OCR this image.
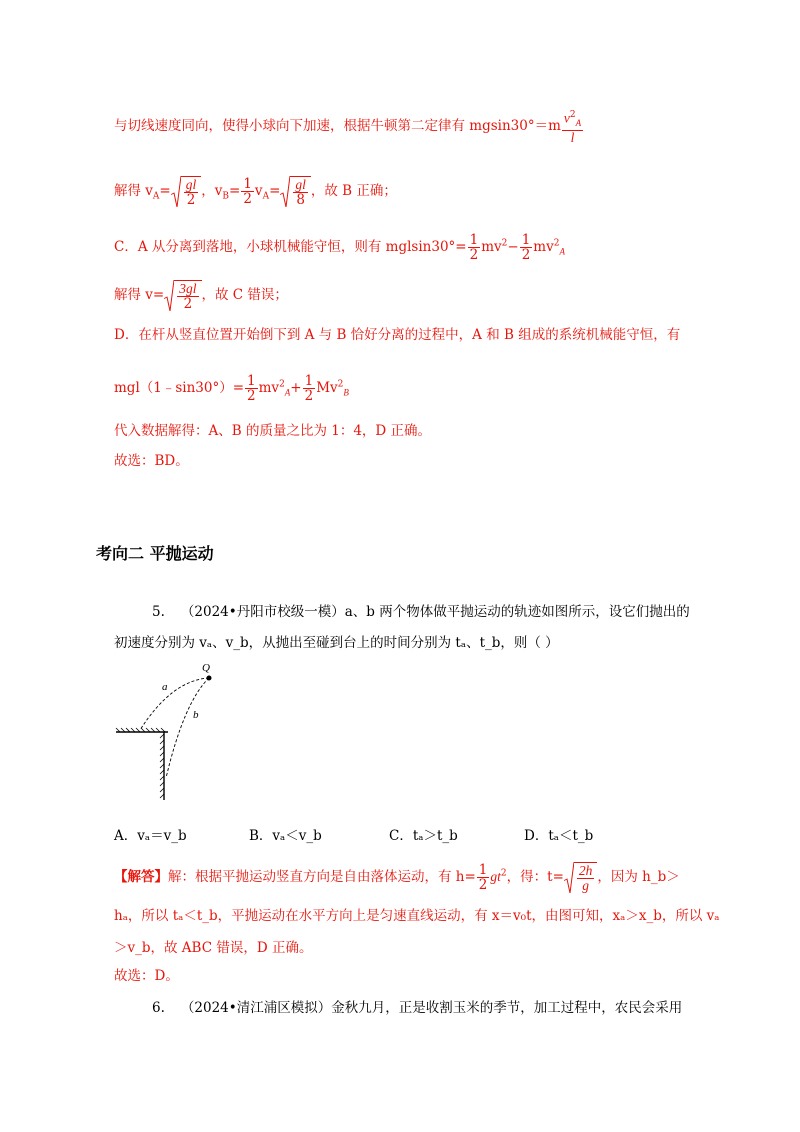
与切线速度同向，使得小球向下加速，根据牛顿第二定律有 $mgsin30^\circ=m \frac{v^2_A}{l}$
解得 $v_A= \frac{gl}{2}$ ，$v_B= \frac{1}{2} v_A= \frac{gl}{8}$ ，故 B 正确；
C．A 从分离到落地，小球机械能守恒，则有 $mglsin30^\circ= \frac{1}{2} mv^2- \frac{1}{2} mv^2_A$
解得 $v= \frac{3gl}{2}$ ，故 C 错误；
D．在杆从竖直位置开始倒下到 A 与 B 恰好分离的过程中，A 和 B 组成的系统机械能守恒，有
mgl（1﹣sin30°）= $\frac{1}{2} mv^2_A+ \frac{1}{2} Mv^2_B$
代入数据解得：A、B 的质量之比为 1：4，D 正确。
故选：BD。
考向二 平抛运动
5. （2024•丹阳市校级一模）a、b 两个物体做平抛运动的轨迹如图所示，设它们抛出的
初速度分别为 vₐ、v_b，从抛出至碰到台上的时间分别为 tₐ、t_b，则（ ）
Q
a
b
A．vₐ＝v_b	B．vₐ＜v_b	C．tₐ＞t_b	D．tₐ＜t_b
【解答】解：根据平抛运动竖直方向是自由落体运动，有 $h= \frac{1}{2} gt^2$，得：$t= \frac{2h}{g}$ ，因为 h_b＞
hₐ，所以 tₐ＜t_b，平抛运动在水平方向上是匀速直线运动，有 x＝v₀t，由图可知，xₐ＞x_b，所以 vₐ
＞v_b，故 ABC 错误，D 正确。
故选：D。
6. （2024•清江浦区模拟）金秋九月，正是收割玉米的季节，加工过程中，农民会采用
